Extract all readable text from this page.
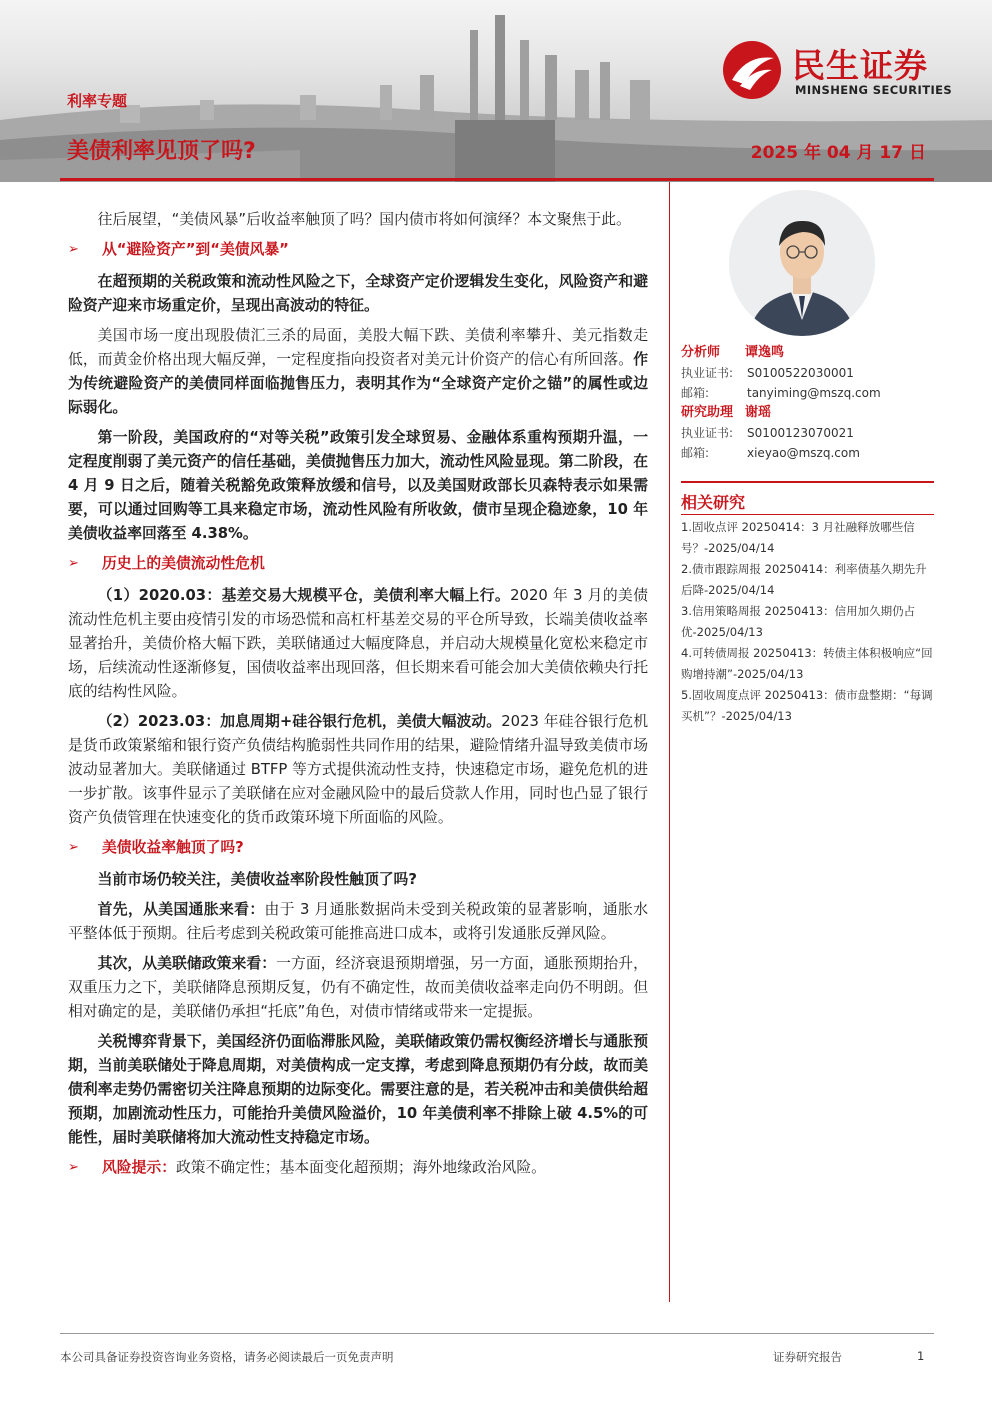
利率专题
美债利率见顶了吗?	2025 年 04 月 17 日
民生证券
MINSHENG SECURITIES

往后展望，“美债风暴”后收益率触顶了吗？国内债市将如何演绎？本文聚焦于此。

➢	从“避险资产”到“美债风暴”

在超预期的关税政策和流动性风险之下，全球资产定价逻辑发生变化，风险资产和避险资产迎来市场重定价，呈现出高波动的特征。

美国市场一度出现股债汇三杀的局面，美股大幅下跌、美债利率攀升、美元指数走低，而黄金价格出现大幅反弹，一定程度指向投资者对美元计价资产的信心有所回落。作为传统避险资产的美债同样面临抛售压力，表明其作为“全球资产定价之锚”的属性或边际弱化。

第一阶段，美国政府的“对等关税”政策引发全球贸易、金融体系重构预期升温，一定程度削弱了美元资产的信任基础，美债抛售压力加大，流动性风险显现。第二阶段，在 4 月 9 日之后，随着关税豁免政策释放缓和信号，以及美国财政部长贝森特表示如果需要，可以通过回购等工具来稳定市场，流动性风险有所收敛，债市呈现企稳迹象，10 年美债收益率回落至 4.38%。

➢	历史上的美债流动性危机

（1）2020.03：基差交易大规模平仓，美债利率大幅上行。2020 年 3 月的美债流动性危机主要由疫情引发的市场恐慌和高杠杆基差交易的平仓所导致，长端美债收益率显著抬升，美债价格大幅下跌，美联储通过大幅度降息，并启动大规模量化宽松来稳定市场，后续流动性逐渐修复，国债收益率出现回落，但长期来看可能会加大美债依赖央行托底的结构性风险。

（2）2023.03：加息周期+硅谷银行危机，美债大幅波动。2023 年硅谷银行危机是货币政策紧缩和银行资产负债结构脆弱性共同作用的结果，避险情绪升温导致美债市场波动显著加大。美联储通过 BTFP 等方式提供流动性支持，快速稳定市场，避免危机的进一步扩散。该事件显示了美联储在应对金融风险中的最后贷款人作用，同时也凸显了银行资产负债管理在快速变化的货币政策环境下所面临的风险。

➢	美债收益率触顶了吗?

当前市场仍较关注，美债收益率阶段性触顶了吗?

首先，从美国通胀来看：由于 3 月通胀数据尚未受到关税政策的显著影响，通胀水平整体低于预期。往后考虑到关税政策可能推高进口成本，或将引发通胀反弹风险。

其次，从美联储政策来看：一方面，经济衰退预期增强，另一方面，通胀预期抬升，双重压力之下，美联储降息预期反复，仍有不确定性，故而美债收益率走向仍不明朗。但相对确定的是，美联储仍承担“托底”角色，对债市情绪或带来一定提振。

关税博弈背景下，美国经济仍面临滞胀风险，美联储政策仍需权衡经济增长与通胀预期，当前美联储处于降息周期，对美债构成一定支撑，考虑到降息预期仍有分歧，故而美债利率走势仍需密切关注降息预期的边际变化。需要注意的是，若关税冲击和美债供给超预期，加剧流动性压力，可能抬升美债风险溢价，10 年美债利率不排除上破 4.5%的可能性，届时美联储将加大流动性支持稳定市场。

➢	风险提示： 政策不确定性；基本面变化超预期；海外地缘政治风险。
分析师 谭逸鸣
执业证书: S0100522030001
邮箱:	tanyiming@mszq.com
研究助理 谢瑶
执业证书: S0100123070021
邮箱:	xieyao@mszq.com
相关研究
1.固收点评 20250414：3 月社融释放哪些信号？-2025/04/14
2.债市跟踪周报 20250414：利率债基久期先升后降-2025/04/14
3.信用策略周报 20250413：信用加久期仍占优-2025/04/13
4.可转债周报 20250413：转债主体积极响应“回购增持潮”-2025/04/13
5.固收周度点评 20250413：债市盘整期：“每调买机”？-2025/04/13
本公司具备证券投资咨询业务资格，请务必阅读最后一页免责声明	证券研究报告	1
